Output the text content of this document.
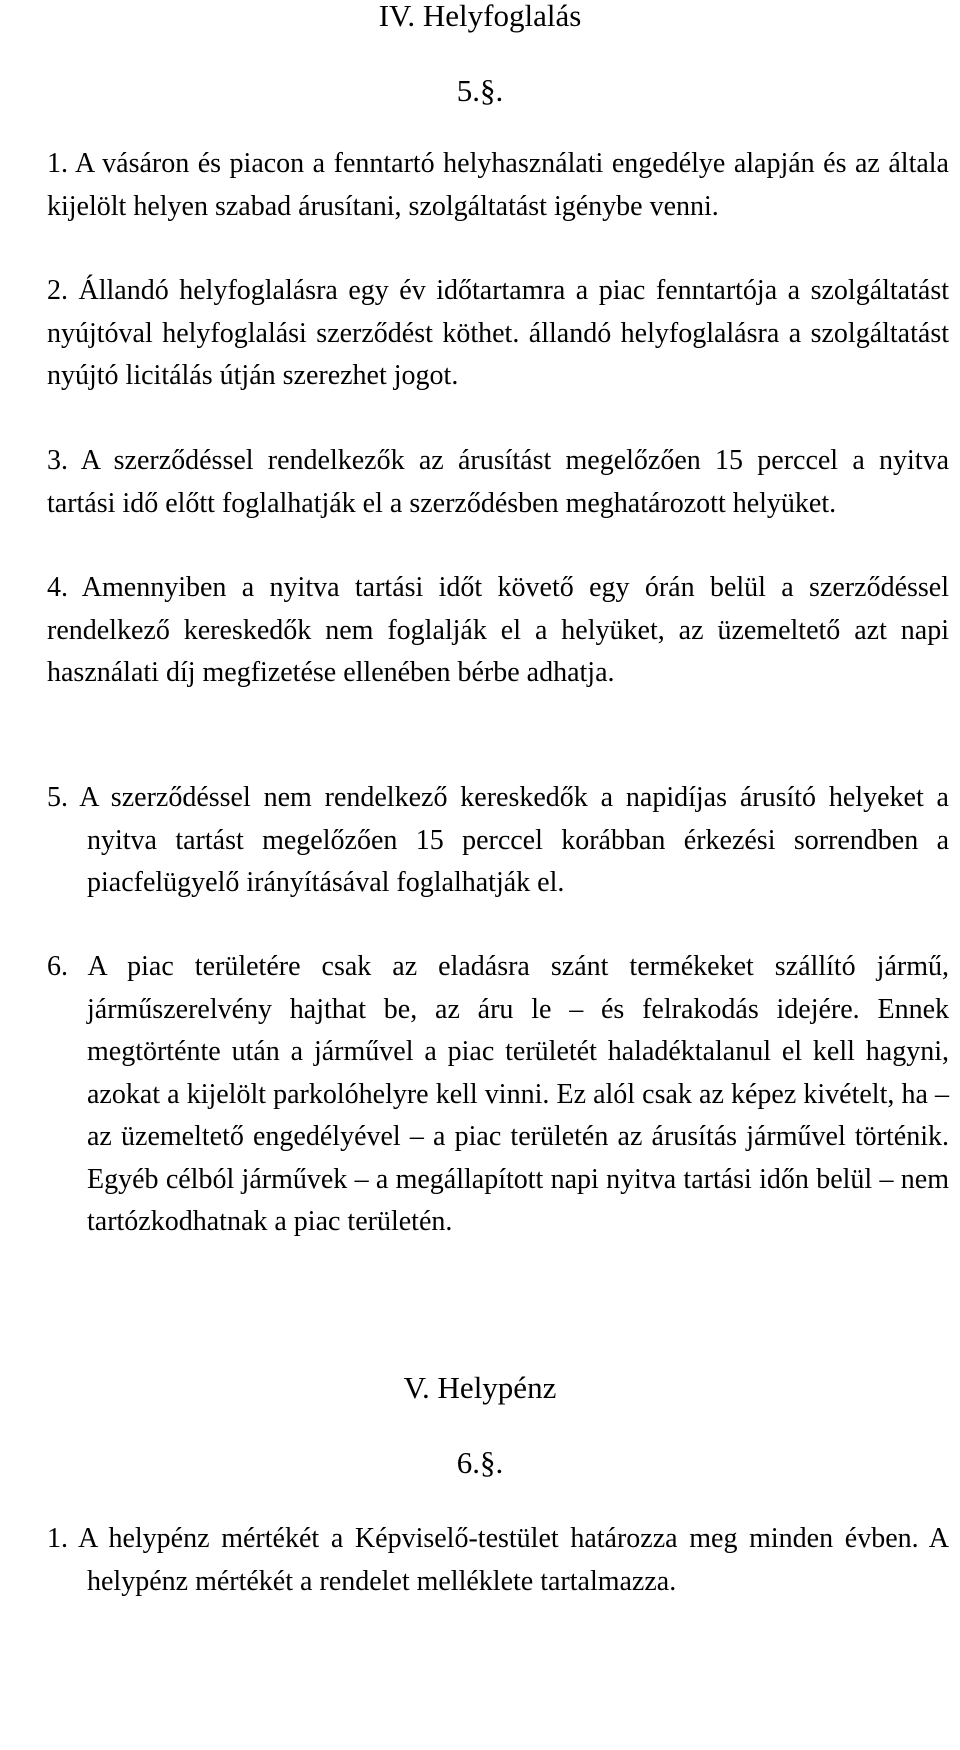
IV. Helyfoglalás
5.§.

1. A vásáron és piacon a fenntartó helyhasználati engedélye alapján és az általa kijelölt helyen szabad árusítani, szolgáltatást igénybe venni.

2. Állandó helyfoglalásra egy év időtartamra a piac fenntartója a szolgáltatást nyújtóval helyfoglalási szerződést köthet. állandó helyfoglalásra a szolgáltatást nyújtó licitálás útján szerezhet jogot.

3. A szerződéssel rendelkezők az árusítást megelőzően 15 perccel a nyitva tartási idő előtt foglalhatják el a szerződésben meghatározott helyüket.

4. Amennyiben a nyitva tartási időt követő egy órán belül a szerződéssel rendelkező kereskedők nem foglalják el a helyüket, az üzemeltető azt napi használati díj megfizetése ellenében bérbe adhatja.

5. A szerződéssel nem rendelkező kereskedők a napidíjas árusító helyeket a nyitva tartást megelőzően 15 perccel korábban érkezési sorrendben a piacfelügyelő irányításával foglalhatják el.

6. A piac területére csak az eladásra szánt termékeket szállító jármű, járműszerelvény hajthat be, az áru le – és felrakodás idejére. Ennek megtörténte után a járművel a piac területét haladéktalanul el kell hagyni, azokat a kijelölt parkolóhelyre kell vinni. Ez alól csak az képez kivételt, ha – az üzemeltető engedélyével – a piac területén az árusítás járművel történik. Egyéb célból járművek – a megállapított napi nyitva tartási időn belül – nem tartózkodhatnak a piac területén.

V. Helypénz
6.§.

1. A helypénz mértékét a Képviselő-testület határozza meg minden évben. A helypénz mértékét a rendelet melléklete tartalmazza.
